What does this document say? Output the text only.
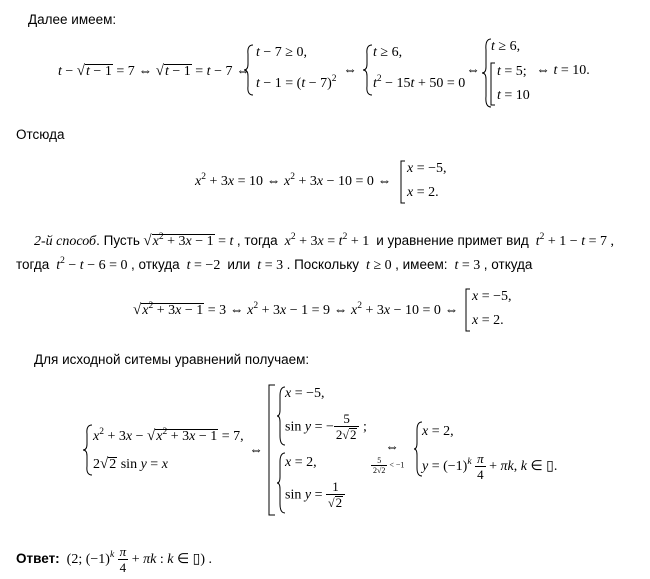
Далее имеем:
t − √t − 1 = 7 ⇔ √t − 1 = t − 7 ⇔
t − 7 ≥ 0,
$t - 1 = (t - 7)^2$
⇔
t ≥ 6,
$t^2 - 15t + 50 = 0$
⇔
t ≥ 6,
t = 5;
t = 10
⇔ t = 10.
Отсюда
$x^2 + 3x = 10$ ⇔ $x^2 + 3x - 10 = 0$ ⇔
x = −5,
x = 2.
2-й способ. Пусть $√x^2 + 3x - 1 = t$ , тогда $x^2 + 3x = t^2 + 1$  и уравнение примет вид $t^2 + 1 - t = 7$ ,
тогда $t^2 - t - 6 = 0$ , откуда t = −2  или t = 3 . Поскольку t ≥ 0 , имеем: t = 3 , откуда
$√x^2 + 3x - 1 = 3$ ⇔ $x^2 + 3x - 1 = 9$ ⇔ $x^2 + 3x - 10 = 0$ ⇔
x = −5,
x = 2.
Для исходной ситемы уравнений получаем:
$x^2 + 3x - √x^2 + 3x - 1 = 7$,
2√2 sin y = x
⇔
x = −5,
sin y = − $\frac{5}{2√2}$ ;
x = 2,
$\sin y = \frac{1}{√2}$
⇔
$\frac{5}{2√2} < -1$
x = 2,
$y = (-1)^k \frac{\pi}{4} + \pi k$, k ∈ ▯.
Ответ:  (2; $(-1)^k \frac{\pi}{4} + \pi k$ : k ∈ ▯) .
